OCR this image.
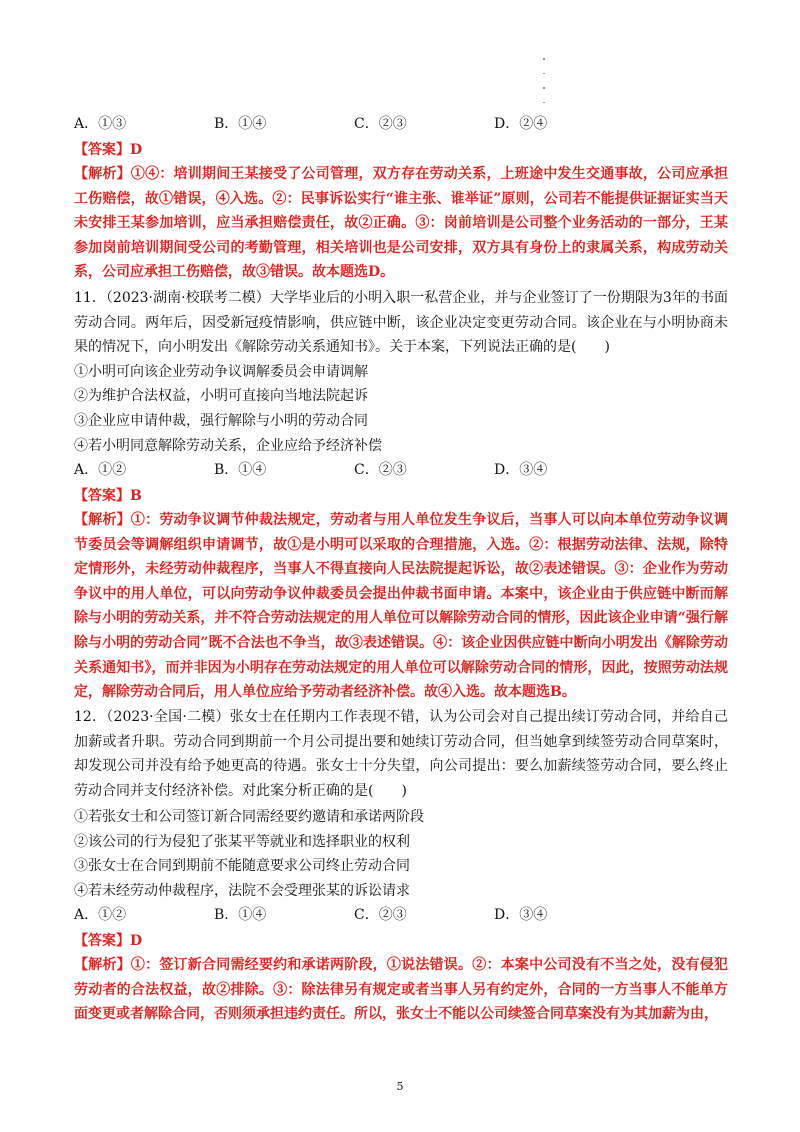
A．①③	B．①④	C．②③	D．②④
【答案】D
【解析】①④：培训期间王某接受了公司管理，双方存在劳动关系，上班途中发生交通事故，公司应承担工伤赔偿，故①错误，④入选。②：民事诉讼实行“谁主张、谁举证”原则，公司若不能提供证据证实当天未安排王某参加培训，应当承担赔偿责任，故②正确。③：岗前培训是公司整个业务活动的一部分，王某参加岗前培训期间受公司的考勤管理，相关培训也是公司安排，双方具有身份上的隶属关系，构成劳动关系，公司应承担工伤赔偿，故③错误。故本题选D。
11．（2023·湖南·校联考二模）大学毕业后的小明入职一私营企业，并与企业签订了一份期限为3年的书面劳动合同。两年后，因受新冠疫情影响，供应链中断，该企业决定变更劳动合同。该企业在与小明协商未果的情况下，向小明发出《解除劳动关系通知书》。关于本案，下列说法正确的是(　　)
①小明可向该企业劳动争议调解委员会申请调解
②为维护合法权益，小明可直接向当地法院起诉
③企业应申请仲裁，强行解除与小明的劳动合同
④若小明同意解除劳动关系，企业应给予经济补偿
A．①②	B．①④	C．②③	D．③④
【答案】B
【解析】①：劳动争议调节仲裁法规定，劳动者与用人单位发生争议后，当事人可以向本单位劳动争议调节委员会等调解组织申请调节，故①是小明可以采取的合理措施，入选。②：根据劳动法律、法规，除特定情形外，未经劳动仲裁程序，当事人不得直接向人民法院提起诉讼，故②表述错误。③：企业作为劳动争议中的用人单位，可以向劳动争议仲裁委员会提出仲裁书面申请。本案中，该企业由于供应链中断而解除与小明的劳动关系，并不符合劳动法规定的用人单位可以解除劳动合同的情形，因此该企业申请“强行解除与小明的劳动合同”既不合法也不争当，故③表述错误。④：该企业因供应链中断向小明发出《解除劳动关系通知书》，而并非因为小明存在劳动法规定的用人单位可以解除劳动合同的情形，因此，按照劳动法规定，解除劳动合同后，用人单位应给予劳动者经济补偿。故④入选。故本题选B。
12．（2023·全国·二模）张女士在任期内工作表现不错，认为公司会对自己提出续订劳动合同，并给自己加薪或者升职。劳动合同到期前一个月公司提出要和她续订劳动合同，但当她拿到续签劳动合同草案时，却发现公司并没有给予她更高的待遇。张女士十分失望，向公司提出：要么加薪续签劳动合同，要么终止劳动合同并支付经济补偿。对此案分析正确的是(　　)
①若张女士和公司签订新合同需经要约邀请和承诺两阶段
②该公司的行为侵犯了张某平等就业和选择职业的权利
③张女士在合同到期前不能随意要求公司终止劳动合同
④若未经劳动仲裁程序，法院不会受理张某的诉讼请求
A．①②	B．①④	C．②③	D．③④
【答案】D
【解析】①：签订新合同需经要约和承诺两阶段，①说法错误。②：本案中公司没有不当之处，没有侵犯劳动者的合法权益，故②排除。③：除法律另有规定或者当事人另有约定外，合同的一方当事人不能单方面变更或者解除合同，否则须承担违约责任。所以，张女士不能以公司续签合同草案没有为其加薪为由，
5
